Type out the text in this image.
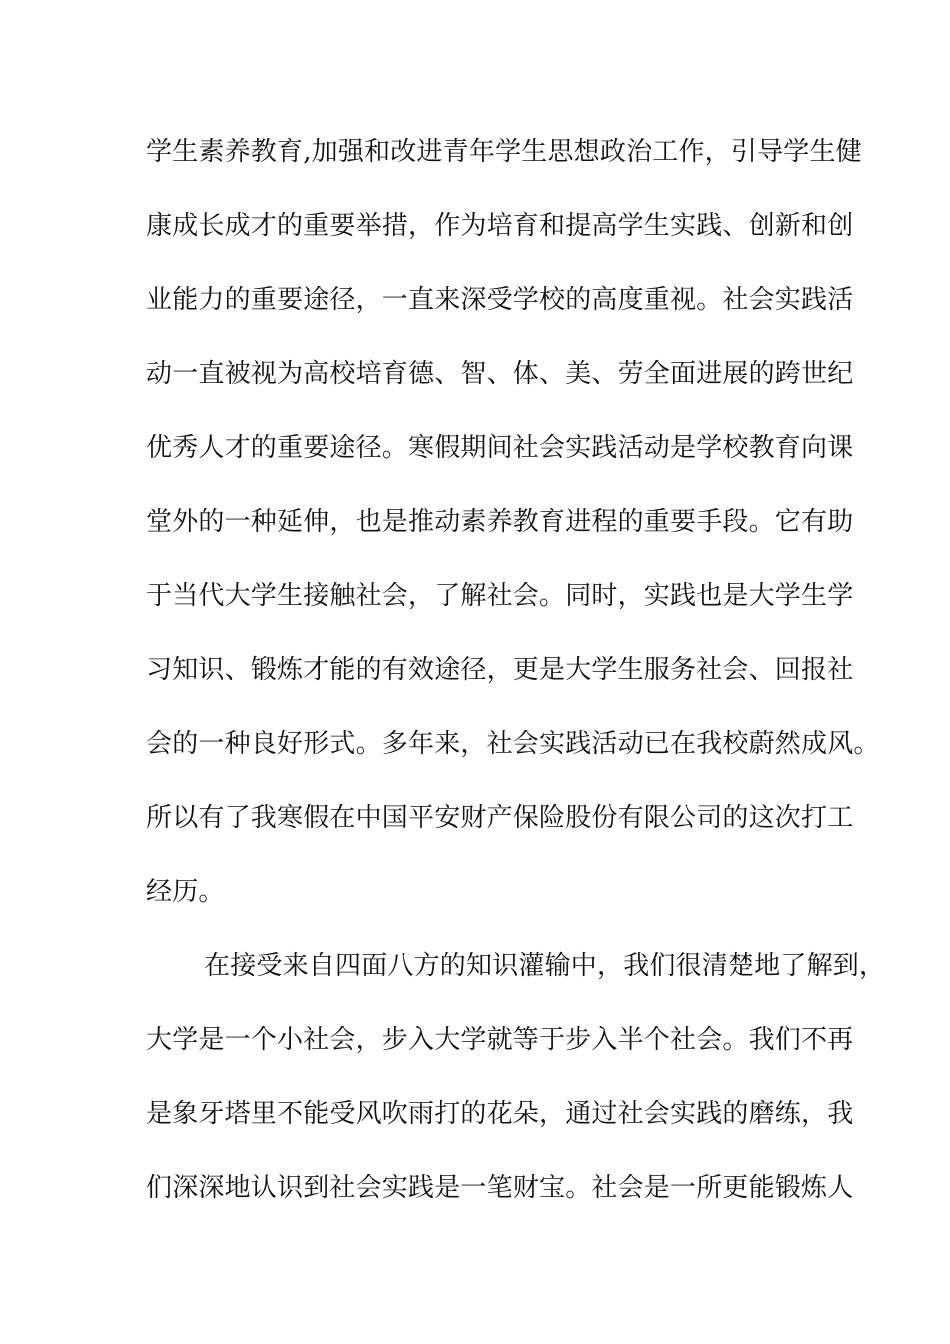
学生素养教育,加强和改进青年学生思想政治工作，引导学生健
康成长成才的重要举措，作为培育和提高学生实践、创新和创
业能力的重要途径，一直来深受学校的高度重视。社会实践活
动一直被视为高校培育德、智、体、美、劳全面进展的跨世纪
优秀人才的重要途径。寒假期间社会实践活动是学校教育向课
堂外的一种延伸，也是推动素养教育进程的重要手段。它有助
于当代大学生接触社会，了解社会。同时，实践也是大学生学
习知识、锻炼才能的有效途径，更是大学生服务社会、回报社
会的一种良好形式。多年来，社会实践活动已在我校蔚然成风。
所以有了我寒假在中国平安财产保险股份有限公司的这次打工
经历。
在接受来自四面八方的知识灌输中，我们很清楚地了解到，
大学是一个小社会，步入大学就等于步入半个社会。我们不再
是象牙塔里不能受风吹雨打的花朵，通过社会实践的磨练，我
们深深地认识到社会实践是一笔财宝。社会是一所更能锻炼人
